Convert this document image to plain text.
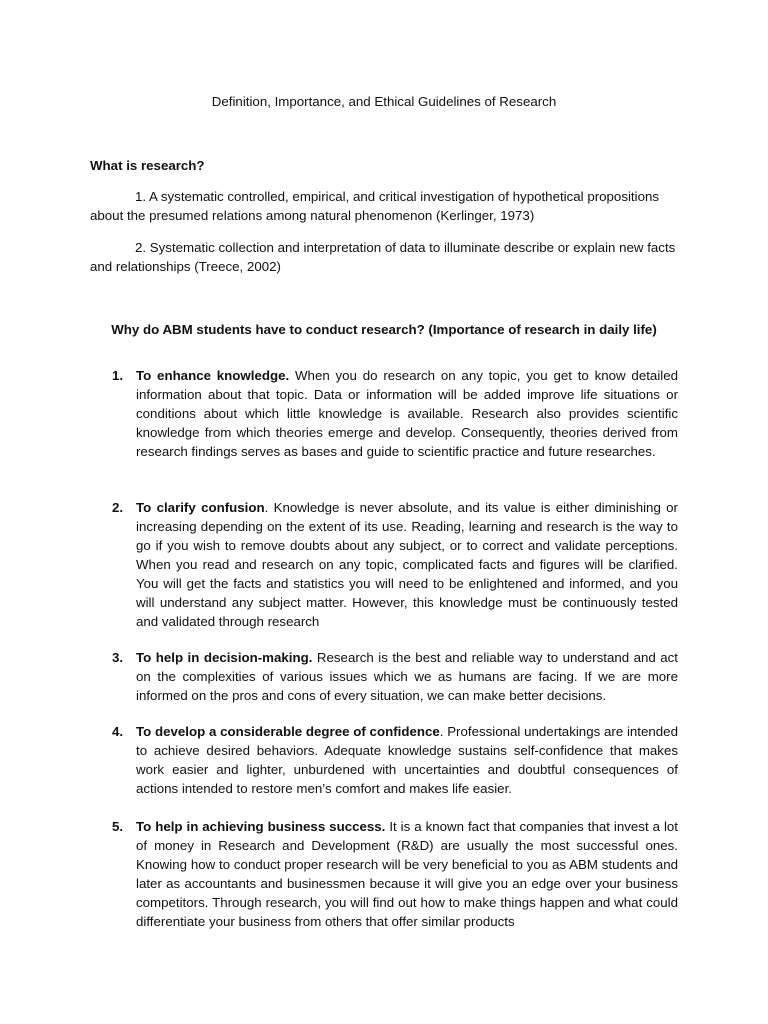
Definition, Importance, and Ethical Guidelines of Research
What is research?
1. A systematic controlled, empirical, and critical investigation of hypothetical propositions about the presumed relations among natural phenomenon (Kerlinger, 1973)
2. Systematic collection and interpretation of data to illuminate describe or explain new facts and relationships (Treece, 2002)
Why do ABM students have to conduct research? (Importance of research in daily life)
1. To enhance knowledge. When you do research on any topic, you get to know detailed information about that topic. Data or information will be added improve life situations or conditions about which little knowledge is available. Research also provides scientific knowledge from which theories emerge and develop. Consequently, theories derived from research findings serves as bases and guide to scientific practice and future researches.
2. To clarify confusion. Knowledge is never absolute, and its value is either diminishing or increasing depending on the extent of its use. Reading, learning and research is the way to go if you wish to remove doubts about any subject, or to correct and validate perceptions. When you read and research on any topic, complicated facts and figures will be clarified. You will get the facts and statistics you will need to be enlightened and informed, and you will understand any subject matter. However, this knowledge must be continuously tested and validated through research
3. To help in decision-making. Research is the best and reliable way to understand and act on the complexities of various issues which we as humans are facing. If we are more informed on the pros and cons of every situation, we can make better decisions.
4. To develop a considerable degree of confidence. Professional undertakings are intended to achieve desired behaviors. Adequate knowledge sustains self-confidence that makes work easier and lighter, unburdened with uncertainties and doubtful consequences of actions intended to restore men’s comfort and makes life easier.
5. To help in achieving business success. It is a known fact that companies that invest a lot of money in Research and Development (R&D) are usually the most successful ones. Knowing how to conduct proper research will be very beneficial to you as ABM students and later as accountants and businessmen because it will give you an edge over your business competitors. Through research, you will find out how to make things happen and what could differentiate your business from others that offer similar products
